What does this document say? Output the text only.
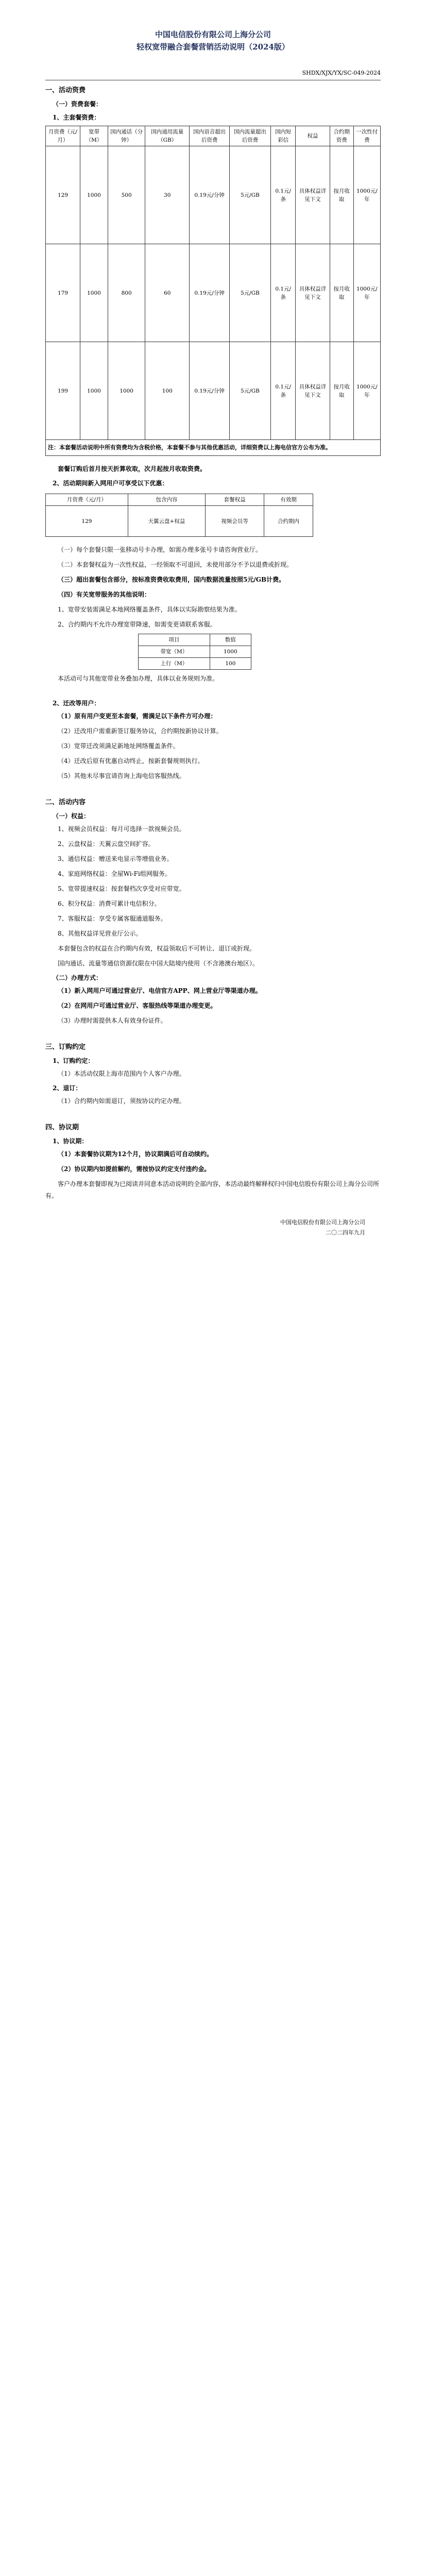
中国电信股份有限公司上海分公司
轻权宽带融合套餐营销活动说明（2024版）
SHDX/XJX/YX/SC-049-2024
一、活动资费
（一）资费套餐：
1、主套餐资费：
月资费（元/月）	宽带（M）	国内通话（分钟）	国内通用流量（GB）	国内语音超出后资费	国内流量超出后资费	国内短彩信	权益	合约期资费	一次性付费
129	1000	500	30	0.19元/分钟	5元/GB	0.1元/条	具体权益详见下文	按月收取	1000元/年
179	1000	800	60	0.19元/分钟	5元/GB	0.1元/条	具体权益详见下文	按月收取	1000元/年
199	1000	1000	100	0.19元/分钟	5元/GB	0.1元/条	具体权益详见下文	按月收取	1000元/年
注：本套餐活动说明中所有资费均为含税价格，本套餐不参与其他优惠活动，详细资费以上海电信官方公布为准。									

套餐订购后首月按天折算收取，次月起按月收取资费。

2、活动期间新入网用户可享受以下优惠：
月资费（元/月）	包含内容	套餐权益	有效期
129	天翼云盘+权益	视频会员等	合约期内

（一）每个套餐只限一张移动号卡办理，如需办理多张号卡请咨询营业厅。

（二）本套餐权益为一次性权益，一经领取不可退回，未使用部分不予以退费或折现。

（三）超出套餐包含部分，按标准资费收取费用，国内数据流量按照5元/GB计费。

（四）有关宽带服务的其他说明：

1、宽带安装需满足本地网络覆盖条件，具体以实际勘察结果为准。

2、合约期内不允许办理宽带降速，如需变更请联系客服。

项目	数值
带宽（M）	1000
上行（M）	100

本活动可与其他宽带业务叠加办理，具体以业务规则为准。

2、迁改等用户：

（1）原有用户变更至本套餐，需满足以下条件方可办理：

（2）迁改用户需重新签订服务协议，合约期按新协议计算。

（3）宽带迁改须满足新地址网络覆盖条件。

（4）迁改后原有优惠自动终止，按新套餐规则执行。

（5）其他未尽事宜请咨询上海电信客服热线。

二、活动内容
（一）权益：

1、视频会员权益：每月可选择一款视频会员。

2、云盘权益：天翼云盘空间扩容。

3、通信权益：赠送来电显示等增值业务。

4、家庭网络权益：全屋Wi-Fi组网服务。

5、宽带提速权益：按套餐档次享受对应带宽。

6、积分权益：消费可累计电信积分。

7、客服权益：享受专属客服通道服务。

8、其他权益详见营业厅公示。

本套餐包含的权益在合约期内有效，权益领取后不可转让、退订或折现。

国内通话、流量等通信资源仅限在中国大陆境内使用（不含港澳台地区）。

（二）办理方式：

（1）新入网用户可通过营业厅、电信官方APP、网上营业厅等渠道办理。

（2）在网用户可通过营业厅、客服热线等渠道办理变更。

（3）办理时需提供本人有效身份证件。

三、订购约定
1、订购约定：

（1）本活动仅限上海市范围内个人客户办理。

2、退订：

（1）合约期内如需退订，须按协议约定办理。

四、协议期
1、协议期：

（1）本套餐协议期为12个月，协议期满后可自动续约。

（2）协议期内如提前解约，需按协议约定支付违约金。

客户办理本套餐即视为已阅读并同意本活动说明的全部内容，本活动最终解释权归中国电信股份有限公司上海分公司所有。

中国电信股份有限公司上海分公司
二〇二四年九月
